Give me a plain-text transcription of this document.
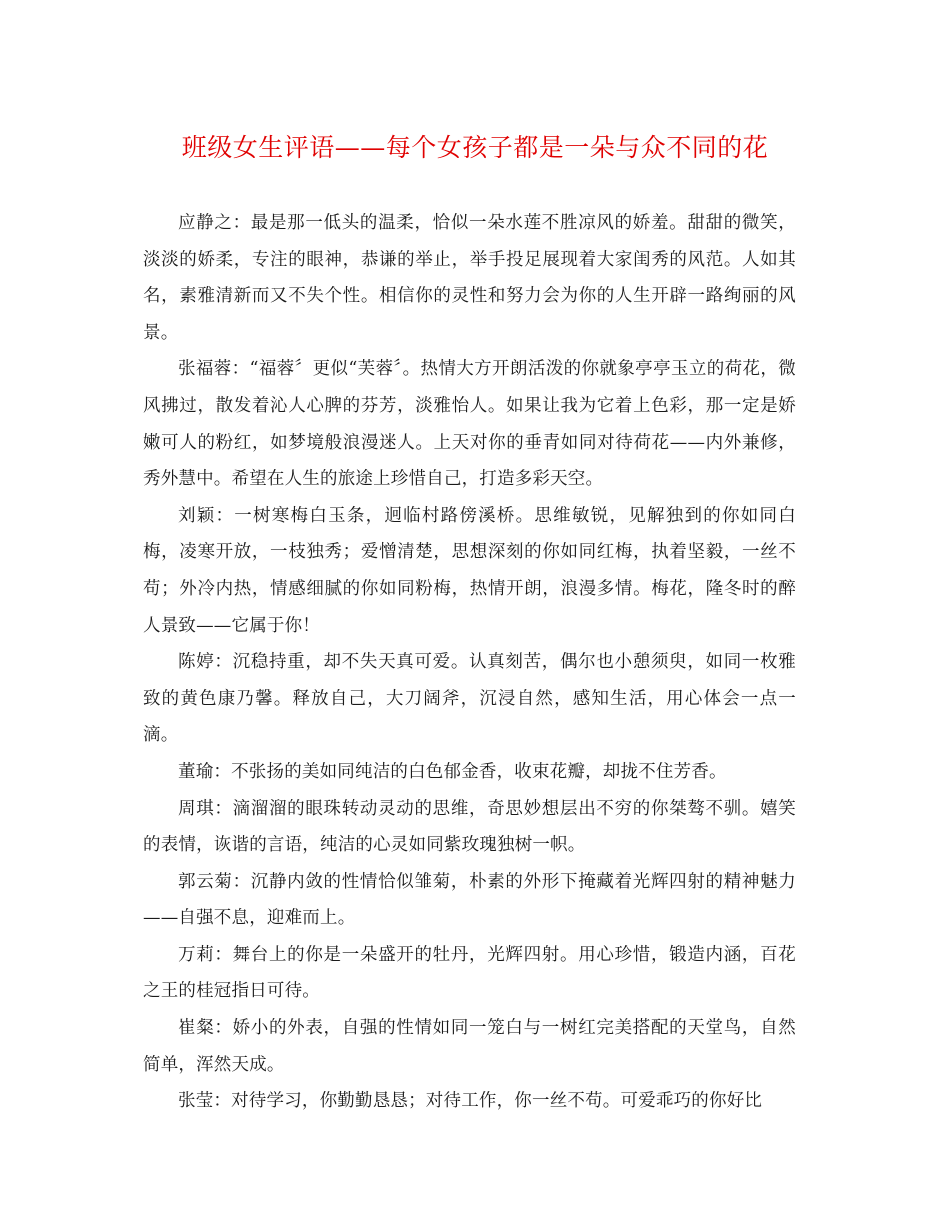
班级女生评语——每个女孩子都是一朵与众不同的花

应静之：最是那一低头的温柔，恰似一朵水莲不胜凉风的娇羞。甜甜的微笑，淡淡的娇柔，专注的眼神，恭谦的举止，举手投足展现着大家闺秀的风范。人如其名，素雅清新而又不失个性。相信你的灵性和努力会为你的人生开辟一路绚丽的风景。

张福蓉：“福蓉〞更似“芙蓉〞。热情大方开朗活泼的你就象亭亭玉立的荷花，微风拂过，散发着沁人心脾的芬芳，淡雅怡人。如果让我为它着上色彩，那一定是娇嫩可人的粉红，如梦境般浪漫迷人。上天对你的垂青如同对待荷花——内外兼修，秀外慧中。希望在人生的旅途上珍惜自己，打造多彩天空。

刘颖：一树寒梅白玉条，迥临村路傍溪桥。思维敏锐，见解独到的你如同白梅，凌寒开放，一枝独秀；爱憎清楚，思想深刻的你如同红梅，执着坚毅，一丝不苟；外冷内热，情感细腻的你如同粉梅，热情开朗，浪漫多情。梅花，隆冬时的醉人景致——它属于你！

陈婷：沉稳持重，却不失天真可爱。认真刻苦，偶尔也小憩须臾，如同一枚雅致的黄色康乃馨。释放自己，大刀阔斧，沉浸自然，感知生活，用心体会一点一滴。

董瑜：不张扬的美如同纯洁的白色郁金香，收束花瓣，却拢不住芳香。

周琪：滴溜溜的眼珠转动灵动的思维，奇思妙想层出不穷的你桀骜不驯。嬉笑的表情，诙谐的言语，纯洁的心灵如同紫玫瑰独树一帜。

郭云菊：沉静内敛的性情恰似雏菊，朴素的外形下掩藏着光辉四射的精神魅力——自强不息，迎难而上。

万莉：舞台上的你是一朵盛开的牡丹，光辉四射。用心珍惜，锻造内涵，百花之王的桂冠指日可待。

崔粲：娇小的外表，自强的性情如同一笼白与一树红完美搭配的天堂鸟，自然简单，浑然天成。

张莹：对待学习，你勤勤恳恳；对待工作，你一丝不苟。可爱乖巧的你好比
